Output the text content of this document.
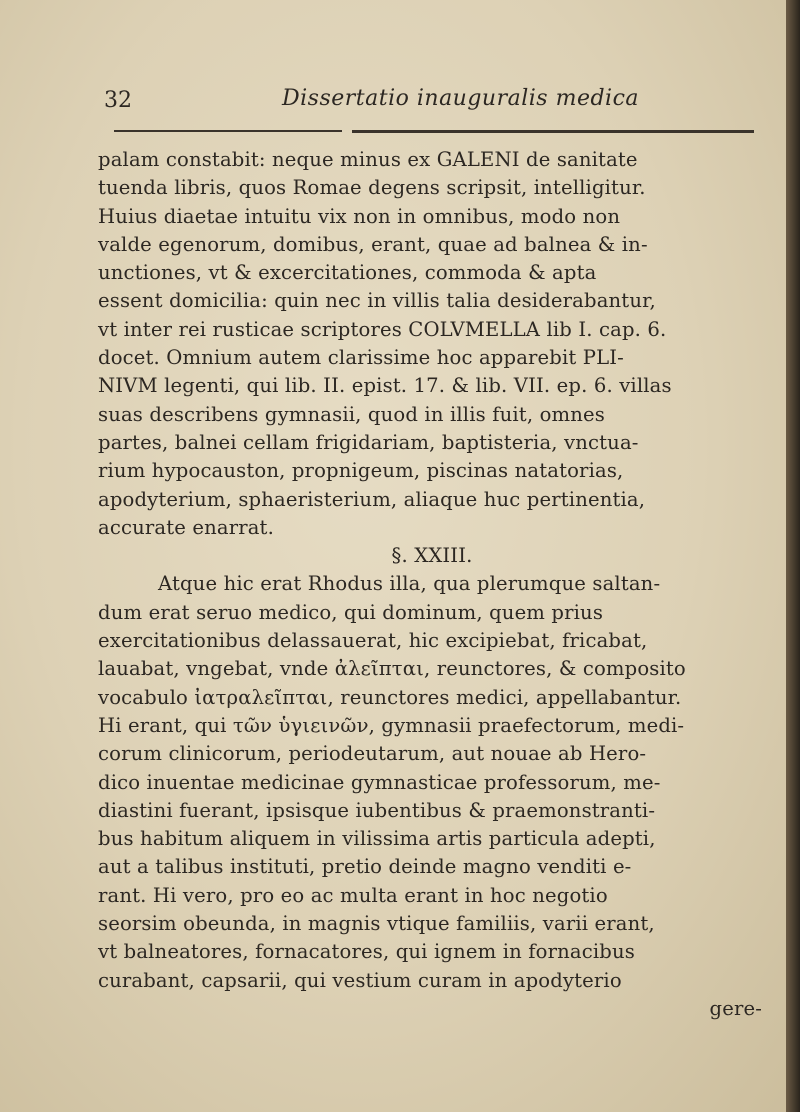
32	Dissertatio inauguralis medica
palam constabit: neque minus ex GALENI de sanitate
tuenda libris, quos Romae degens scripsit, intelligitur.
Huius diaetae intuitu vix non in omnibus, modo non
valde egenorum, domibus, erant, quae ad balnea & in-
unctiones, vt & excercitationes, commoda & apta
essent domicilia: quin nec in villis talia desiderabantur,
vt inter rei rusticae scriptores COLVMELLA lib I. cap. 6.
docet. Omnium autem clarissime hoc apparebit PLI-
NIVM legenti, qui lib. II. epist. 17. & lib. VII. ep. 6. villas
suas describens gymnasii, quod in illis fuit, omnes
partes, balnei cellam frigidariam, baptisteria, vnctua-
rium hypocauston, propnigeum, piscinas natatorias,
apodyterium, sphaeristerium, aliaque huc pertinentia,
accurate enarrat.
§. XXIII.
Atque hic erat Rhodus illa, qua plerumque saltan-
dum erat seruo medico, qui dominum, quem prius
exercitationibus delassauerat, hic excipiebat, fricabat,
lauabat, vngebat, vnde ἀλεῖπται, reunctores, & composito
vocabulo ἰατραλεῖπται, reunctores medici, appellabantur.
Hi erant, qui τῶν ὑγιεινῶν, gymnasii praefectorum, medi-
corum clinicorum, periodeutarum, aut nouae ab Hero-
dico inuentae medicinae gymnasticae professorum, me-
diastini fuerant, ipsisque iubentibus & praemonstranti-
bus habitum aliquem in vilissima artis particula adepti,
aut a talibus instituti, pretio deinde magno venditi e-
rant. Hi vero, pro eo ac multa erant in hoc negotio
seorsim obeunda, in magnis vtique familiis, varii erant,
vt balneatores, fornacatores, qui ignem in fornacibus
curabant, capsarii, qui vestium curam in apodyterio
gere-
